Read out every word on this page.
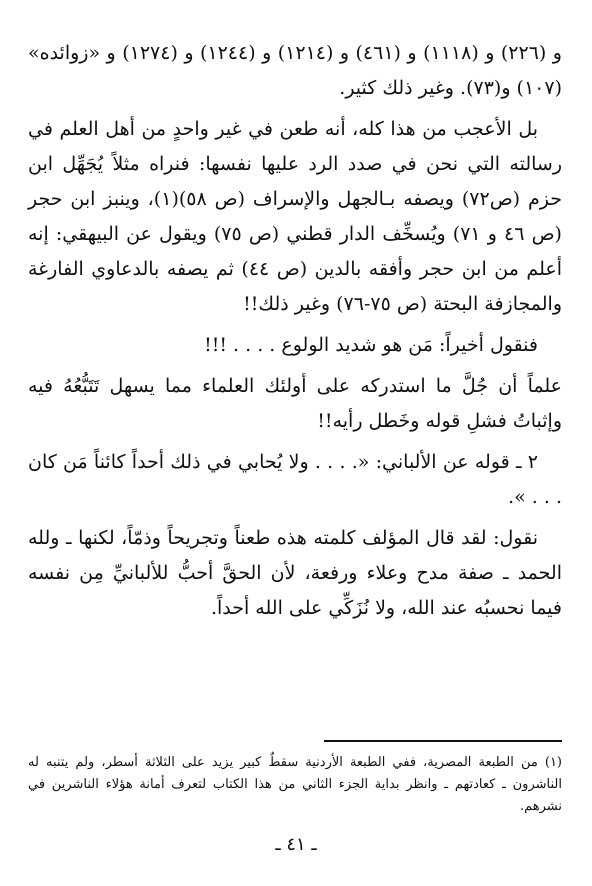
و (٢٢٦) و (١١١٨) و (٤٦١) و (١٢١٤) و (١٢٤٤) و (١٢٧٤) و «زوائده» (١٠٧) و(٧٣). وغير ذلك كثير.

بل الأعجب من هذا كله، أنه طعن في غير واحدٍ من أهل العلم في رسالته التي نحن في صدد الرد عليها نفسها: فنراه مثلاً يُجَهِّل ابن حزم (ص٧٢) ويصفه بـالجهل والإسراف (ص ٥٨)(١)، وينبز ابن حجر (ص ٤٦ و ٧١) ويُسخِّف الدار قطني (ص ٧٥) ويقول عن البيهقي: إنه أعلم من ابن حجر وأفقه بالدين (ص ٤٤) ثم يصفه بالدعاوي الفارغة والمجازفة البحتة (ص ٧٥-٧٦) وغير ذلك!!

فنقول أخيراً: مَن هو شديد الولوع . . . . !!!

علماً أن جُلَّ ما استدركه على أولئك العلماء مما يسهل تَتَبُّعُهُ فيه وإثباتُ فشلِ قوله وخَطل رأيه!!

٢ ـ قوله عن الألباني: «. . . . ولا يُحابي في ذلك أحداً كائناً مَن كان . . . ».

نقول: لقد قال المؤلف كلمته هذه طعناً وتجريحاً وذمّاً، لكنها ـ ولله الحمد ـ صفة مدح وعلاء ورفعة، لأن الحقَّ أحبُّ للألبانيِّ مِن نفسه فيما نحسبُه عند الله، ولا نُزَكِّي على الله أحداً.

(١) من الطبعة المصرية، ففي الطبعة الأردنية سقطٌ كبير يزيد على الثلاثة أسطر، ولم يتنبه له الناشرون ـ كعادتهم ـ وانظر بداية الجزء الثاني من هذا الكتاب لتعرف أمانة هؤلاء الناشرين في نشرهم.

ـ ٤١ ـ
